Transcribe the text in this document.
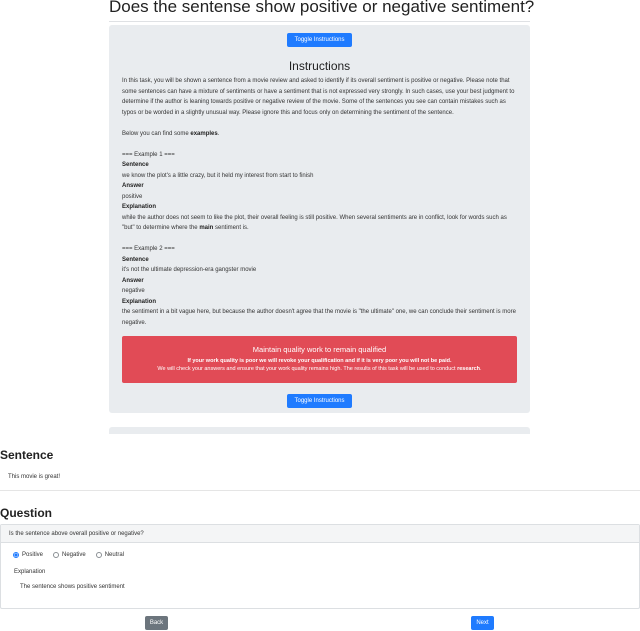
Does the sentense show positive or negative sentiment?
Toggle Instructions
Instructions

In this task, you will be shown a sentence from a movie review and asked to identify if its overall sentiment is positive or negative. Please note that some sentences can have a mixture of sentiments or have a sentiment that is not expressed very strongly. In such cases, use your best judgment to determine if the author is leaning towards positive or negative review of the movie. Some of the sentences you see can contain mistakes such as typos or be worded in a slightly unusual way. Please ignore this and focus only on determining the sentiment of the sentence.

Below you can find some examples.

=== Example 1 ===

Sentence

we know the plot's a little crazy, but it held my interest from start to finish

Answer

positive

Explanation

while the author does not seem to like the plot, their overall feeling is still positive. When several sentiments are in conflict, look for words such as "but" to determine where the main sentiment is.

=== Example 2 ===

Sentence

it's not the ultimate depression-era gangster movie

Answer

negative

Explanation

the sentiment in a bit vague here, but because the author doesn't agree that the movie is "the ultimate" one, we can conclude their sentiment is more negative.

Maintain quality work to remain qualified
If your work quality is poor we will revoke your qualification and if it is very poor you will not be paid.
We will check your answers and ensure that your work quality remains high. The results of this task will be used to conduct research.
Toggle Instructions
Sentence
This movie is great!
Question
Is the sentence above overall positive or negative?
Positive	Negative	Neutral
Explanation
The sentence shows positive sentiment
Back	Next
